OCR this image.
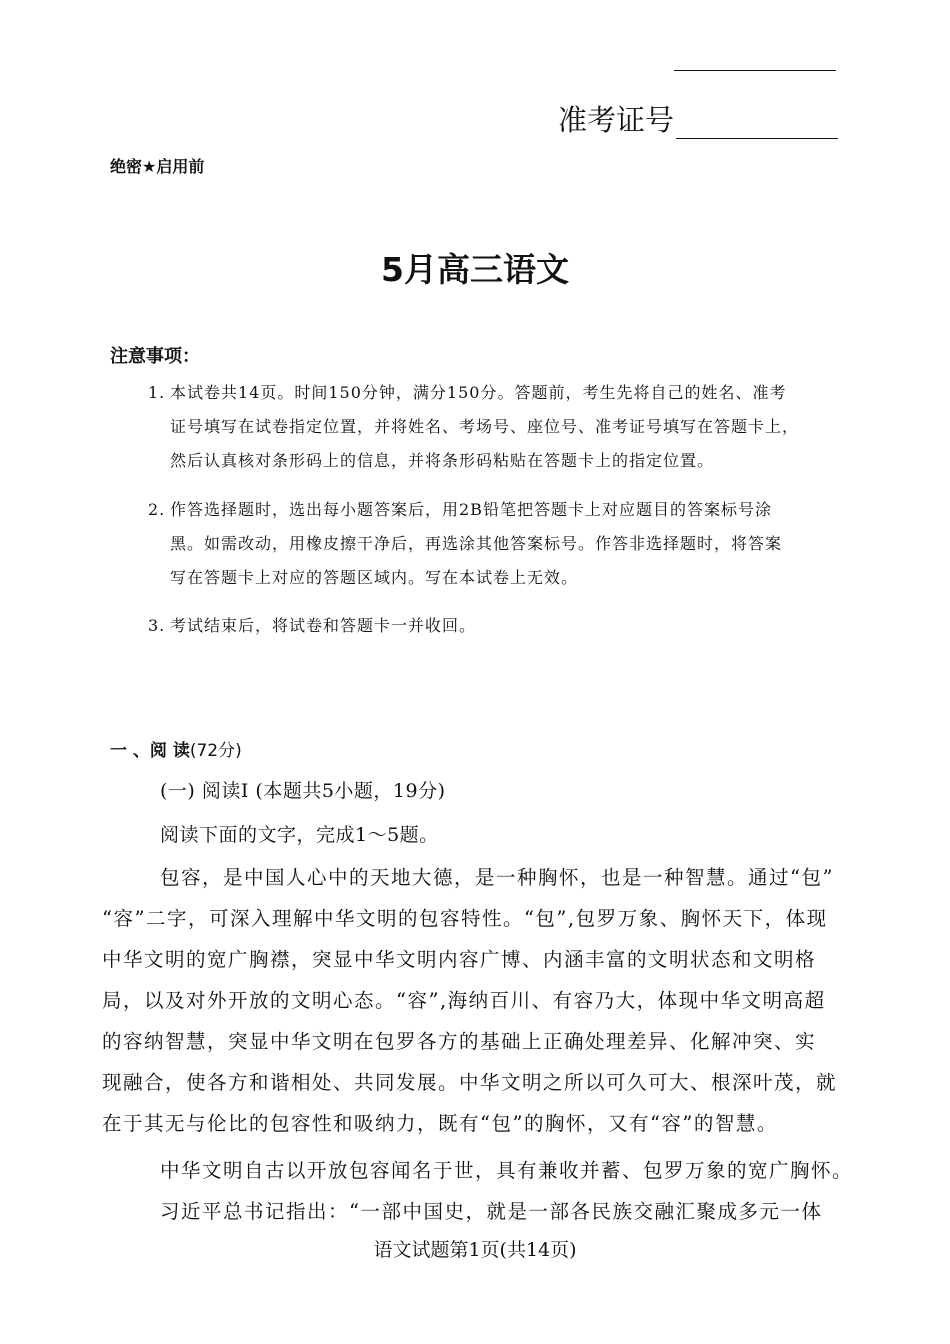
准考证号
绝密★启用前
5月高三语文
注意事项：
1. 本试卷共14页。时间150分钟，满分150分。答题前，考生先将自己的姓名、准考
证号填写在试卷指定位置，并将姓名、考场号、座位号、准考证号填写在答题卡上，
然后认真核对条形码上的信息，并将条形码粘贴在答题卡上的指定位置。
2. 作答选择题时，选出每小题答案后，用2B铅笔把答题卡上对应题目的答案标号涂
黑。如需改动，用橡皮擦干净后，再选涂其他答案标号。作答非选择题时，将答案
写在答题卡上对应的答题区域内。写在本试卷上无效。
3. 考试结束后，将试卷和答题卡一并收回。
一 、阅 读(72分)
(一) 阅读I (本题共5小题，19分)
阅读下面的文字，完成1～5题。
包容，是中国人心中的天地大德，是一种胸怀，也是一种智慧。通过“包”
“容”二字，可深入理解中华文明的包容特性。“包”,包罗万象、胸怀天下，体现
中华文明的宽广胸襟，突显中华文明内容广博、内涵丰富的文明状态和文明格
局，以及对外开放的文明心态。“容”,海纳百川、有容乃大，体现中华文明高超
的容纳智慧，突显中华文明在包罗各方的基础上正确处理差异、化解冲突、实
现融合，使各方和谐相处、共同发展。中华文明之所以可久可大、根深叶茂，就
在于其无与伦比的包容性和吸纳力，既有“包”的胸怀，又有“容”的智慧。
中华文明自古以开放包容闻名于世，具有兼收并蓄、包罗万象的宽广胸怀。
习近平总书记指出：“一部中国史，就是一部各民族交融汇聚成多元一体
语文试题第1页(共14页)
